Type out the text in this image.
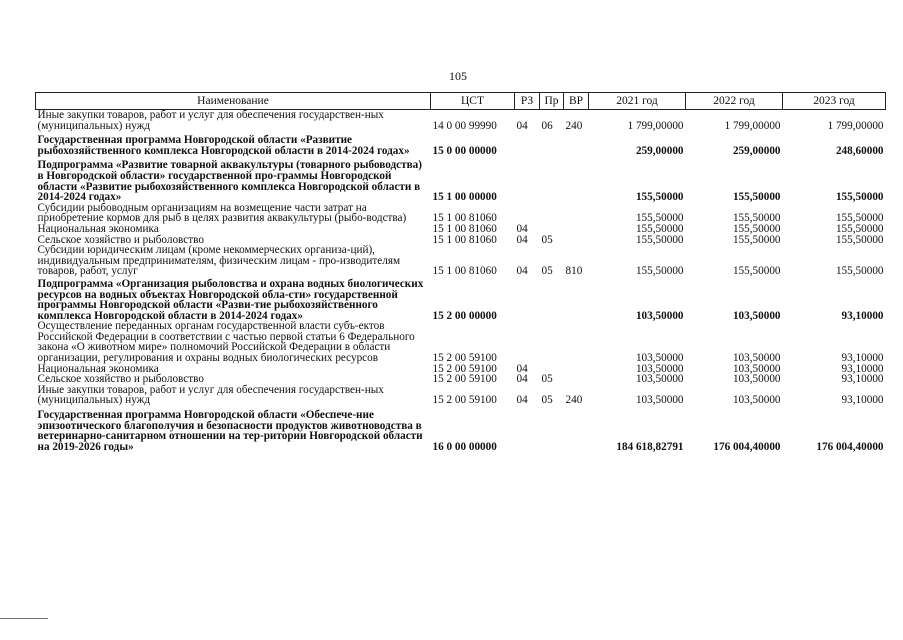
105
Наименование	ЦСТ	РЗ	Пр	ВР	2021 год	2022 год	2023 год
Иные закупки товаров, работ и услуг для обеспечения государствен-ных (муниципальных) нужд	14 0 00 99990	04	06	240	1 799,00000	1 799,00000	1 799,00000
Государственная программа Новгородской области «Развитие рыбохозяйственного комплекса Новгородской области в 2014-2024 годах»	15 0 00 00000				259,00000	259,00000	248,60000
Подпрограмма «Развитие товарной аквакультуры (товарного рыбоводства) в Новгородской области» государственной про-граммы Новгородской области «Развитие рыбохозяйственного комплекса Новгородской области в 2014-2024 годах»	15 1 00 00000				155,50000	155,50000	155,50000
Субсидии рыбоводным организациям на возмещение части затрат на приобретение кормов для рыб в целях развития аквакультуры (рыбо-водства)	15 1 00 81060				155,50000	155,50000	155,50000
Национальная экономика	15 1 00 81060	04			155,50000	155,50000	155,50000
Сельское хозяйство и рыболовство	15 1 00 81060	04	05		155,50000	155,50000	155,50000
Субсидии юридическим лицам (кроме некоммерческих организа-ций), индивидуальным предпринимателям, физическим лицам - про-изводителям товаров, работ, услуг	15 1 00 81060	04	05	810	155,50000	155,50000	155,50000
Подпрограмма «Организация рыболовства и охрана водных биологических ресурсов на водных объектах Новгородской обла-сти» государственной программы Новгородской области «Разви-тие рыбохозяйственного комплекса Новгородской области в 2014-2024 годах»	15 2 00 00000				103,50000	103,50000	93,10000
Осуществление переданных органам государственной власти субъ-ектов Российской Федерации в соответствии с частью первой статьи 6 Федерального закона «О животном мире» полномочий Российской Федерации в области организации, регулирования и охраны водных биологических ресурсов	15 2 00 59100				103,50000	103,50000	93,10000
Национальная экономика	15 2 00 59100	04			103,50000	103,50000	93,10000
Сельское хозяйство и рыболовство	15 2 00 59100	04	05		103,50000	103,50000	93,10000
Иные закупки товаров, работ и услуг для обеспечения государствен-ных (муниципальных) нужд	15 2 00 59100	04	05	240	103,50000	103,50000	93,10000
Государственная программа Новгородской области «Обеспече-ние эпизоотического благополучия и безопасности продуктов животноводства в ветеринарно-санитарном отношении на тер-ритории Новгородской области на 2019-2026 годы»	16 0 00 00000				184 618,82791	176 004,40000	176 004,40000
